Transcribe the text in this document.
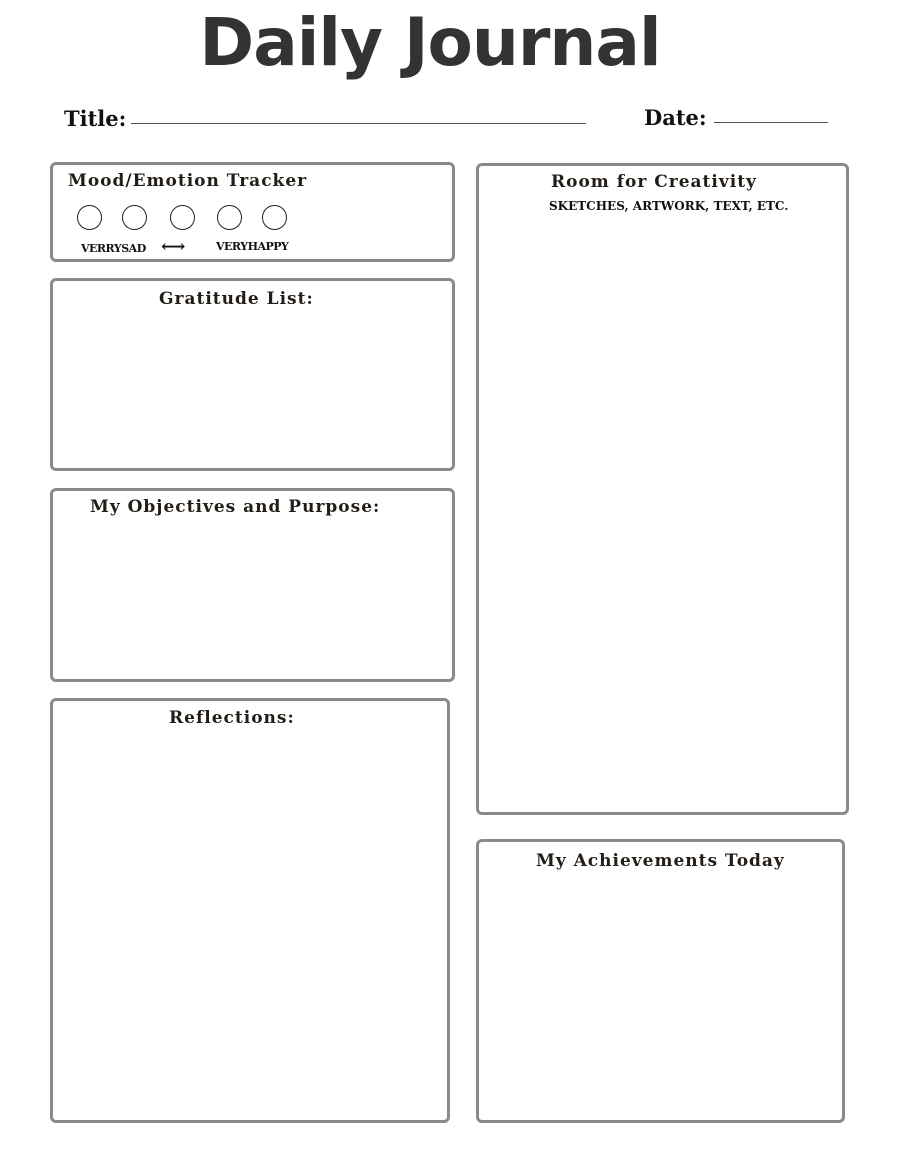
Daily Journal
Title:	Date:
Mood/Emotion Tracker
VERRYSAD ⟷	VERYHAPPY
Gratitude List:
My Objectives and Purpose:
Reflections:
Room for Creativity
SKETCHES, ARTWORK, TEXT, ETC.
My Achievements Today
